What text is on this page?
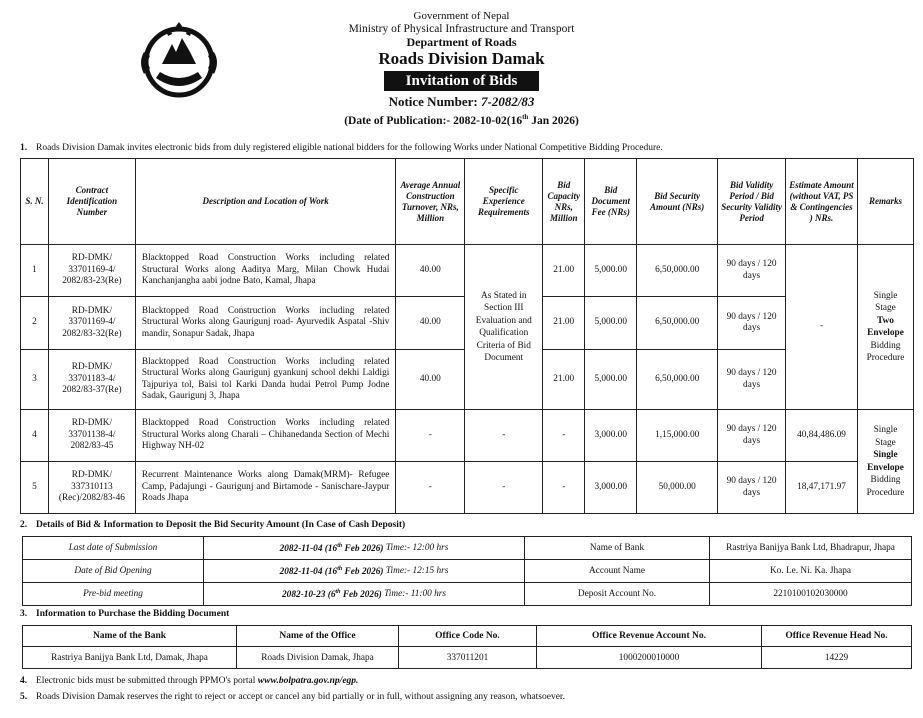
Government of Nepal
Ministry of Physical Infrastructure and Transport
Department of Roads
Roads Division Damak
Invitation of Bids
Notice Number: 7-2082/83
(Date of Publication:- 2082-10-02(16th Jan 2026)
1. Roads Division Damak invites electronic bids from duly registered eligible national bidders for the following Works under National Competitive Bidding Procedure.
S. N.	Contract Identification Number	Description and Location of Work	Average Annual Construction Turnover, NRs, Million	Specific Experience Requirements	Bid Capacity NRs, Million	Bid Document Fee (NRs)	Bid Security Amount (NRs)	Bid Validity Period / Bid Security Validity Period	Estimate Amount (without VAT, PS & Contingencies ) NRs.	Remarks
1	RD-DMK/ 33701169-4/ 2082/83-23(Re)	Blacktopped Road Construction Works including related Structural Works along Aaditya Marg, Milan Chowk Hudai Kanchanjangha aabi jodne Bato, Kamal, Jhapa	40.00	As Stated in Section III Evaluation and Qualification Criteria of Bid Document	21.00	5,000.00	6,50,000.00	90 days / 120 days	-	Single
Stage
Two Envelope
Bidding Procedure

2	RD-DMK/ 33701169-4/ 2082/83-32(Re)	Blacktopped Road Construction Works including related Structural Works along Gaurigunj road- Ayurvedik Aspatal -Shiv mandir, Sonapur Sadak, Jhapa	40.00		21.00	5,000.00	6,50,000.00	90 days / 120 days		
3	RD-DMK/ 33701183-4/ 2082/83-37(Re)	Blacktopped Road Construction Works including related Structural Works along Gaurigunj gyankunj school dekhi Laldigi Tajpuriya tol, Baisi tol Karki Danda hudai Petrol Pump Jodne Sadak, Gaurigunj 3, Jhapa	40.00		21.00	5,000.00	6,50,000.00	90 days / 120 days		
4	RD-DMK/ 33701138-4/ 2082/83-45	Blacktopped Road Construction Works including related Structural Works along Charali – Chihanedanda Section of Mechi Highway NH-02	-	-	-	3,000.00	1,15,000.00	90 days / 120 days	40,84,486.09	Single
Stage
Single Envelope
Bidding Procedure

5	RD-DMK/ 337310113 (Rec)/2082/83-46	Recurrent Maintenance Works along Damak(MRM)- Refugee Camp, Padajungi - Gaurigunj and Birtamode - Sanischare-Jaypur Roads Jhapa	-	-	-	3,000.00	50,000.00	90 days / 120 days	18,47,171.97	
2. Details of Bid & Information to Deposit the Bid Security Amount (In Case of Cash Deposit)
Last date of Submission	2082-11-04 (16th Feb 2026) Time:- 12:00 hrs	Name of Bank	Rastriya Banijya Bank Ltd, Bhadrapur, Jhapa
Date of Bid Opening	2082-11-04 (16th Feb 2026) Time:- 12:15 hrs	Account Name	Ko. Le. Ni. Ka. Jhapa
Pre-bid meeting	2082-10-23 (6th Feb 2026) Time:- 11:00 hrs	Deposit Account No.	2210100102030000
3. Information to Purchase the Bidding Document
Name of the Bank	Name of the Office	Office Code No.	Office Revenue Account No.	Office Revenue Head No.
Rastriya Banijya Bank Ltd, Damak, Jhapa	Roads Division Damak, Jhapa	337011201	1000200010000	14229
4. Electronic bids must be submitted through PPMO's portal www.bolpatra.gov.np/egp.
5. Roads Division Damak reserves the right to reject or accept or cancel any bid partially or in full, without assigning any reason, whatsoever.
